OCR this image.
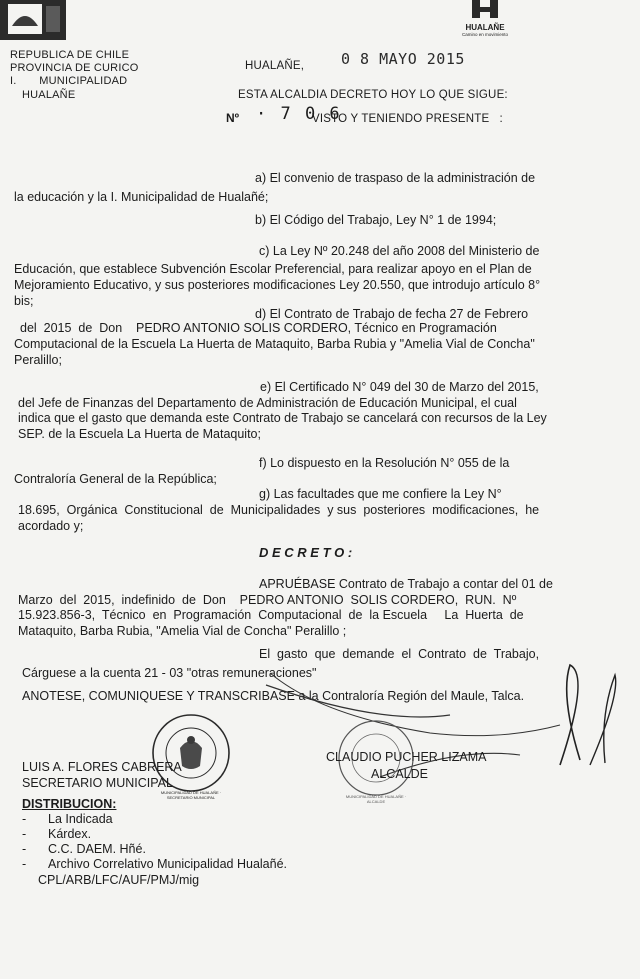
REPUBLICA DE CHILE
PROVINCIA DE CURICO
I.       MUNICIPALIDAD
HUALAÑE
HUALAÑE
Camino en movimiento
HUALAÑE, 0 8 MAYO 2015
ESTA ALCALDIA DECRETO HOY LO QUE SIGUE:
Nº · 7 0 6
VISTO Y TENIENDO PRESENTE   :
a) El convenio de traspaso de la administración de
la educación y la I. Municipalidad de Hualañé;
b) El Código del Trabajo, Ley N° 1 de 1994;
c) La Ley Nº 20.248 del año 2008 del Ministerio de
Educación, que establece Subvención Escolar Preferencial, para realizar apoyo en el Plan de
Mejoramiento Educativo, y sus posteriores modificaciones Ley 20.550, que introdujo artículo 8°
bis;
d) El Contrato de Trabajo de fecha 27 de Febrero
del  2015  de  Don    PEDRO ANTONIO SOLIS CORDERO, Técnico en Programación
Computacional de la Escuela La Huerta de Mataquito, Barba Rubia y "Amelia Vial de Concha"
Peralillo;
e) El Certificado N° 049 del 30 de Marzo del 2015,
del Jefe de Finanzas del Departamento de Administración de Educación Municipal, el cual
indica que el gasto que demanda este Contrato de Trabajo se cancelará con recursos de la Ley
SEP. de la Escuela La Huerta de Mataquito;
f) Lo dispuesto en la Resolución N° 055 de la
Contraloría General de la República;
g) Las facultades que me confiere la Ley N°
18.695,  Orgánica  Constitucional  de  Municipalidades  y sus  posteriores  modificaciones,  he
acordado y;
D E C R E T O :
APRUÉBASE Contrato de Trabajo a contar del 01 de
Marzo  del  2015,  indefinido  de  Don    PEDRO ANTONIO  SOLIS CORDERO,  RUN.  Nº
15.923.856-3,  Técnico  en  Programación  Computacional  de  la Escuela     La  Huerta  de
Mataquito, Barba Rubia, "Amelia Vial de Concha" Peralillo ;
El  gasto  que  demande  el  Contrato  de  Trabajo,
Cárguese a la cuenta 21 - 03 "otras remuneraciones"
ANOTESE, COMUNIQUESE Y TRANSCRIBASE a la Contraloría Región del Maule, Talca.
MUNICIPALIDAD DE HUALAÑE · SECRETARIO MUNICIPAL	MUNICIPALIDAD DE HUALAÑE · ALCALDE
LUIS A. FLORES CABRERA
SECRETARIO MUNICIPAL
CLAUDIO PUCHER LIZAMA
ALCALDE
DISTRIBUCION:
- La Indicada
- Kárdex.
- C.C. DAEM. Hñé.
- Archivo Correlativo Municipalidad Hualañé.
CPL/ARB/LFC/AUF/PMJ/mig
